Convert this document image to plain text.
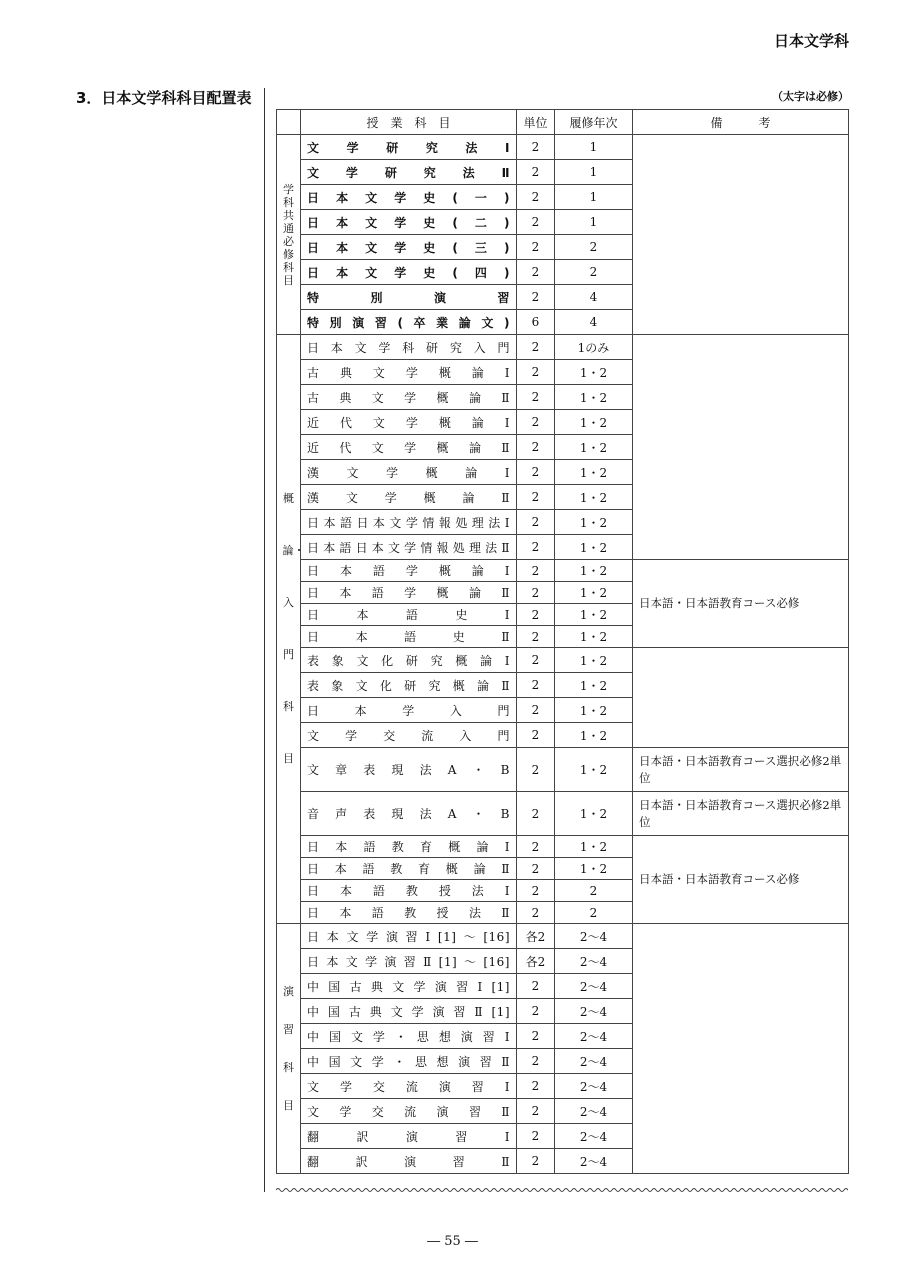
日本文学科
3．日本文学科科目配置表	（太字は必修）
	授　業　科　目	単位	履修年次	備　　　考
学科共通必修科目	文学研究法Ⅰ	2	1	

	文学研究法Ⅱ	2	1	

	日本文学史(一)	2	1	

	日本文学史(二)	2	1	

	日本文学史(三)	2	2	

	日本文学史(四)	2	2	

	特別演習	2	4	

	特別演習(卒業論文)	6	4	
概論・入門科目	日本文学科研究入門	2	1のみ	

	古典文学概論Ⅰ	2	1・2	

	古典文学概論Ⅱ	2	1・2	

	近代文学概論Ⅰ	2	1・2	

	近代文学概論Ⅱ	2	1・2	

	漢文学概論Ⅰ	2	1・2	

	漢文学概論Ⅱ	2	1・2	

	日本語日本文学情報処理法Ⅰ	2	1・2	

	日本語日本文学情報処理法Ⅱ	2	1・2	

	日本語学概論Ⅰ	2	1・2	日本語・日本語教育コース必修

	日本語学概論Ⅱ	2	1・2	

	日本語史Ⅰ	2	1・2	

	日本語史Ⅱ	2	1・2	

	表象文化研究概論Ⅰ	2	1・2	

	表象文化研究概論Ⅱ	2	1・2	

	日本学入門	2	1・2	

	文学交流入門	2	1・2	

	文章表現法A・B	2	1・2	日本語・日本語教育コース選択必修2単位

	音声表現法A・B	2	1・2	日本語・日本語教育コース選択必修2単位

	日本語教育概論Ⅰ	2	1・2	日本語・日本語教育コース必修

	日本語教育概論Ⅱ	2	1・2	

	日本語教授法Ⅰ	2	2	

	日本語教授法Ⅱ	2	2	
演習科目	日本文学演習Ⅰ[1]～[16]	各2	2～4	

	日本文学演習Ⅱ[1]～[16]	各2	2～4	

	中国古典文学演習Ⅰ[1]	2	2～4	

	中国古典文学演習Ⅱ[1]	2	2～4	

	中国文学・思想演習Ⅰ	2	2～4	

	中国文学・思想演習Ⅱ	2	2～4	

	文学交流演習Ⅰ	2	2～4	

	文学交流演習Ⅱ	2	2～4	

	翻訳演習Ⅰ	2	2～4	

	翻訳演習Ⅱ	2	2～4	
― 55 ―
